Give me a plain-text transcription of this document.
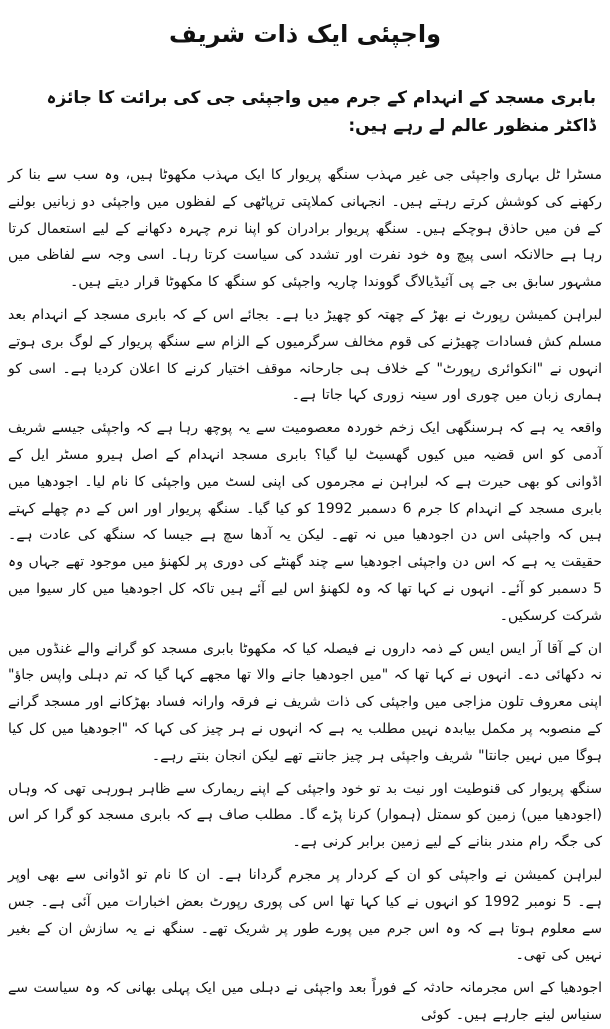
واجپئی ایک ذات شریف
بابری مسجد کے انہدام کے جرم میں واجپئی جی کی برائت کا جائزہ ڈاکٹر منظور عالم لے رہے ہیں:

مسٹرا ٹل بہاری واجپئی جی غیر مہذب سنگھ پریوار کا ایک مہذب مکھوٹا ہیں، وہ سب سے بنا کر رکھنے کی کوشش کرتے رہتے ہیں۔ انجہانی کملاپتی ترپاٹھی کے لفظوں میں واجپئی دو زبانیں بولنے کے فن میں حاذق ہوچکے ہیں۔ سنگھ پریوار برادران کو اپنا نرم چہرہ دکھانے کے لیے استعمال کرتا رہا ہے حالانکہ اسی پیچ وہ خود نفرت اور تشدد کی سیاست کرتا رہا۔ اسی وجہ سے لفاظی میں مشہور سابق بی جے پی آئیڈیالاگ گووندا چاریہ واجپئی کو سنگھ کا مکھوٹا قرار دیتے ہیں۔

لبراہن کمیشن رپورٹ نے بھڑ کے چھتہ کو چھیڑ دیا ہے۔ بجائے اس کے کہ بابری مسجد کے انہدام بعد مسلم کش فسادات چھیڑنے کی قوم مخالف سرگرمیوں کے الزام سے سنگھ پریوار کے لوگ بری ہوتے انہوں نے "انکوائری رپورٹ" کے خلاف ہی جارحانہ موقف اختیار کرنے کا اعلان کردیا ہے۔ اسی کو ہماری زبان میں چوری اور سینہ زوری کہا جاتا ہے۔

واقعہ یہ ہے کہ ہرسنگھی ایک زخم خوردہ معصومیت سے یہ پوچھ رہا ہے کہ واجپئی جیسے شریف آدمی کو اس قضیہ میں کیوں گھسیٹ لیا گیا؟ بابری مسجد انہدام کے اصل ہیرو مسٹر ایل کے اڈوانی کو بھی حیرت ہے کہ لبراہن نے مجرموں کی اپنی لسٹ میں واجپئی کا نام لیا۔ اجودھیا میں بابری مسجد کے انہدام کا جرم 6 دسمبر 1992 کو کیا گیا۔ سنگھ پریوار اور اس کے دم چھلے کہتے ہیں کہ واجپئی اس دن اجودھیا میں نہ تھے۔ لیکن یہ آدھا سچ ہے جیسا کہ سنگھ کی عادت ہے۔ حقیقت یہ ہے کہ اس دن واجپئی اجودھیا سے چند گھنٹے کی دوری پر لکھنؤ میں موجود تھے جہاں وہ 5 دسمبر کو آئے۔ انہوں نے کہا تھا کہ وہ لکھنؤ اس لیے آئے ہیں تاکہ کل اجودھیا میں کار سیوا میں شرکت کرسکیں۔

ان کے آقا آر ایس ایس کے ذمہ داروں نے فیصلہ کیا کہ مکھوٹا بابری مسجد کو گرانے والے غنڈوں میں نہ دکھائی دے۔ انہوں نے کہا تھا کہ "میں اجودھیا جانے والا تھا مجھے کہا گیا کہ تم دہلی واپس جاؤ" اپنی معروف تلون مزاجی میں واجپئی کی ذات شریف نے فرقہ وارانہ فساد بھڑکانے اور مسجد گرانے کے منصوبہ پر مکمل بیابدہ نہیں مطلب یہ ہے کہ انہوں نے ہر چیز کی کہا کہ "اجودھیا میں کل کیا ہوگا میں نہیں جانتا" شریف واجپئی ہر چیز جانتے تھے لیکن انجان بنتے رہے۔

سنگھ پریوار کی قنوطیت اور نیت بد تو خود واجپئی کے اپنے ریمارک سے ظاہر ہورہی تھی کہ وہاں (اجودھیا میں) زمین کو سمتل (ہموار) کرنا پڑے گا۔ مطلب صاف ہے کہ بابری مسجد کو گرا کر اس کی جگہ رام مندر بنانے کے لیے زمین برابر کرنی ہے۔

لبراہن کمیشن نے واجپئی کو ان کے کردار پر مجرم گردانا ہے۔ ان کا نام تو اڈوانی سے بھی اوپر ہے۔ 5 نومبر 1992 کو انہوں نے کیا کہا تھا اس کی پوری رپورٹ بعض اخبارات میں آئی ہے۔ جس سے معلوم ہوتا ہے کہ وہ اس جرم میں پورے طور پر شریک تھے۔ سنگھ نے یہ سازش ان کے بغیر نہیں کی تھی۔

اجودھیا کے اس مجرمانہ حادثہ کے فوراً بعد واجپئی نے دہلی میں ایک پہلی بھانی کہ وہ سیاست سے سنیاس لینے جارہے ہیں۔ کوئی
